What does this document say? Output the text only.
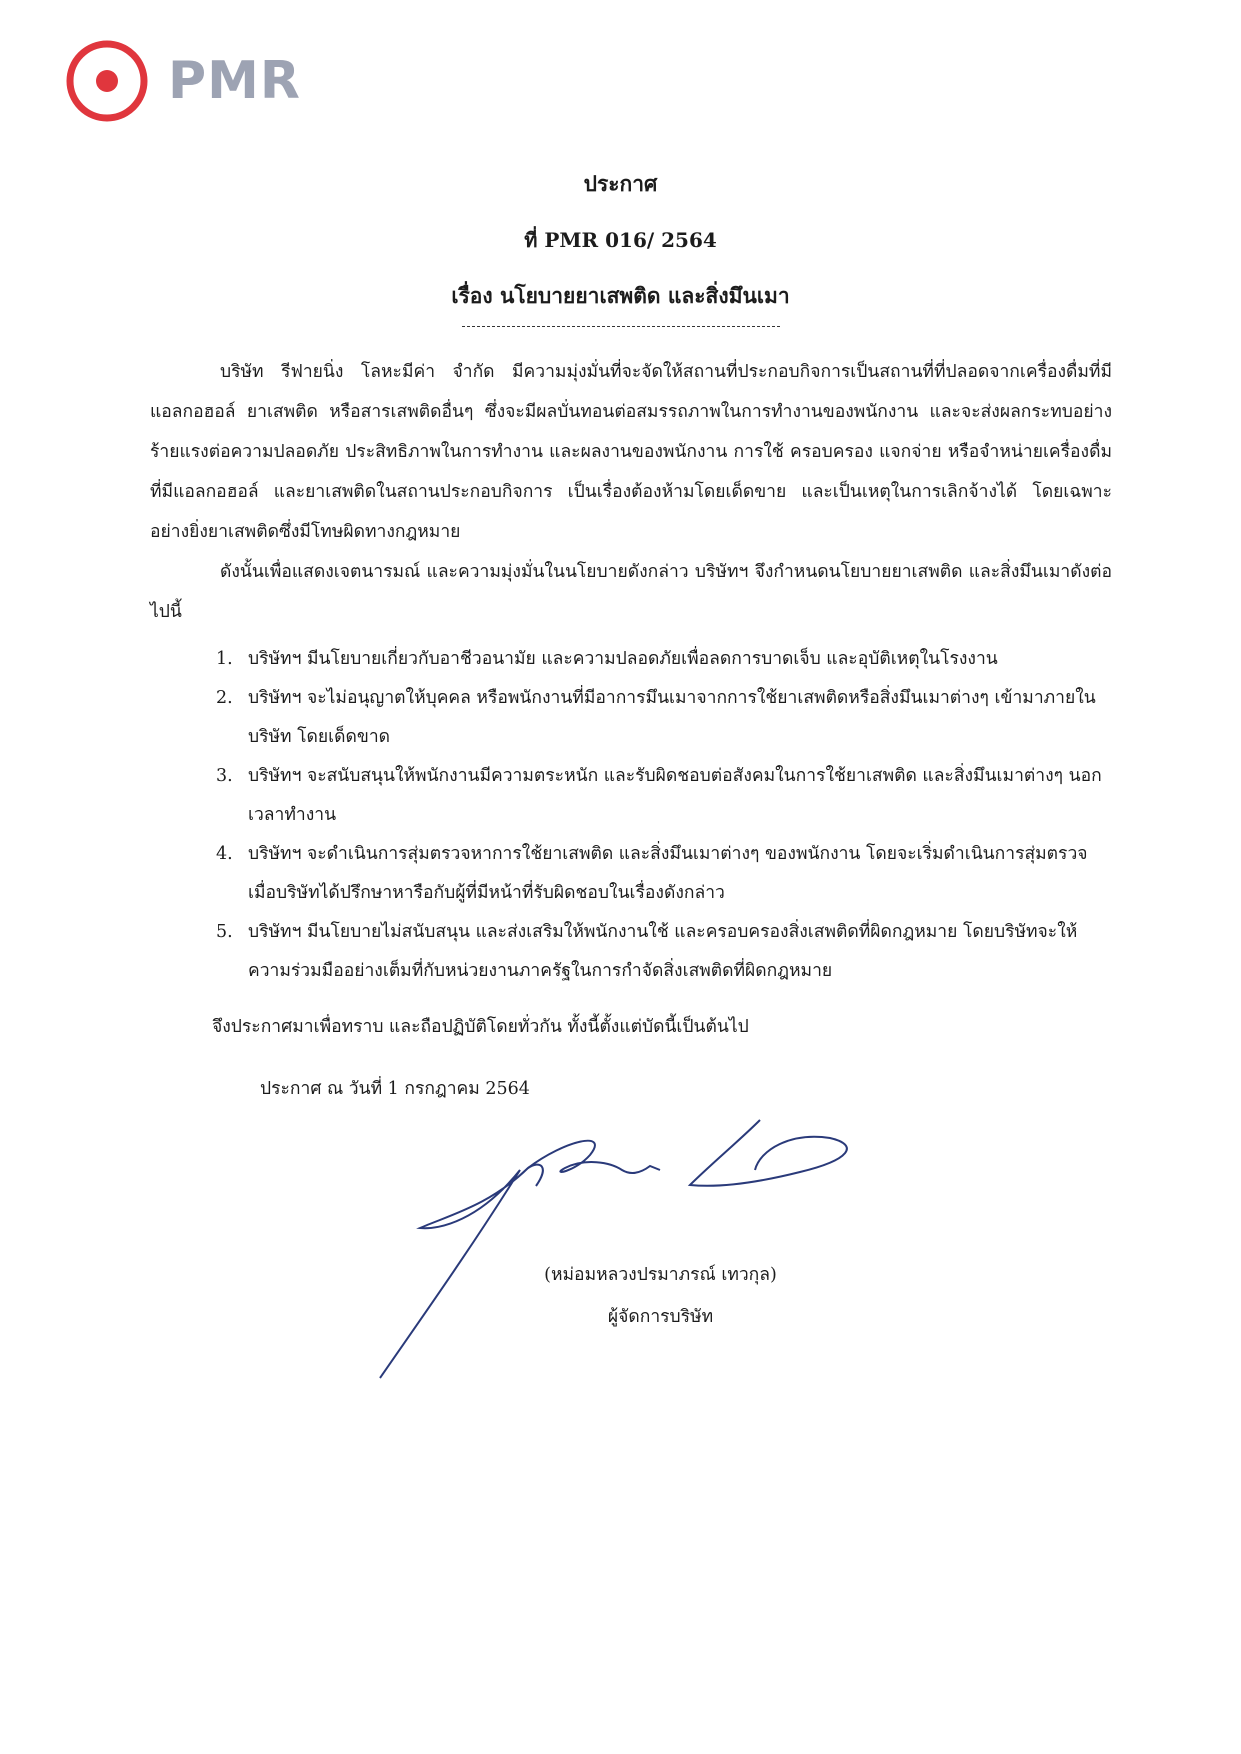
PMR
ประกาศ
ที่ PMR 016/ 2564
เรื่อง นโยบายยาเสพติด และสิ่งมึนเมา
บริษัท รีฟายนิ่ง โลหะมีค่า จำกัด มีความมุ่งมั่นที่จะจัดให้สถานที่ประกอบกิจการเป็นสถานที่ที่ปลอดจากเครื่องดื่มที่มีแอลกอฮอล์ ยาเสพติด หรือสารเสพติดอื่นๆ ซึ่งจะมีผลบั่นทอนต่อสมรรถภาพในการทำงานของพนักงาน และจะส่งผลกระทบอย่างร้ายแรงต่อความปลอดภัย ประสิทธิภาพในการทำงาน และผลงานของพนักงาน การใช้ ครอบครอง แจกจ่าย หรือจำหน่ายเครื่องดื่มที่มีแอลกอฮอล์ และยาเสพติดในสถานประกอบกิจการ เป็นเรื่องต้องห้ามโดยเด็ดขาย และเป็นเหตุในการเลิกจ้างได้ โดยเฉพาะอย่างยิ่งยาเสพติดซึ่งมีโทษผิดทางกฎหมาย
ดังนั้นเพื่อแสดงเจตนารมณ์ และความมุ่งมั่นในนโยบายดังกล่าว บริษัทฯ จึงกำหนดนโยบายยาเสพติด และสิ่งมึนเมาดังต่อไปนี้
1. บริษัทฯ มีนโยบายเกี่ยวกับอาชีวอนามัย และความปลอดภัยเพื่อลดการบาดเจ็บ และอุบัติเหตุในโรงงาน
2. บริษัทฯ จะไม่อนุญาตให้บุคคล หรือพนักงานที่มีอาการมึนเมาจากการใช้ยาเสพติดหรือสิ่งมึนเมาต่างๆ เข้ามาภายในบริษัท โดยเด็ดขาด
3. บริษัทฯ จะสนับสนุนให้พนักงานมีความตระหนัก และรับผิดชอบต่อสังคมในการใช้ยาเสพติด และสิ่งมึนเมาต่างๆ นอกเวลาทำงาน
4. บริษัทฯ จะดำเนินการสุ่มตรวจหาการใช้ยาเสพติด และสิ่งมึนเมาต่างๆ ของพนักงาน โดยจะเริ่มดำเนินการสุ่มตรวจเมื่อบริษัทได้ปรึกษาหารือกับผู้ที่มีหน้าที่รับผิดชอบในเรื่องดังกล่าว
5. บริษัทฯ มีนโยบายไม่สนับสนุน และส่งเสริมให้พนักงานใช้ และครอบครองสิ่งเสพติดที่ผิดกฎหมาย โดยบริษัทจะให้ความร่วมมืออย่างเต็มที่กับหน่วยงานภาครัฐในการกำจัดสิ่งเสพติดที่ผิดกฎหมาย
จึงประกาศมาเพื่อทราบ และถือปฏิบัติโดยทั่วกัน ทั้งนี้ตั้งแต่บัดนี้เป็นต้นไป
ประกาศ ณ วันที่ 1 กรกฎาคม 2564
(หม่อมหลวงปรมาภรณ์ เทวกุล)
ผู้จัดการบริษัท
